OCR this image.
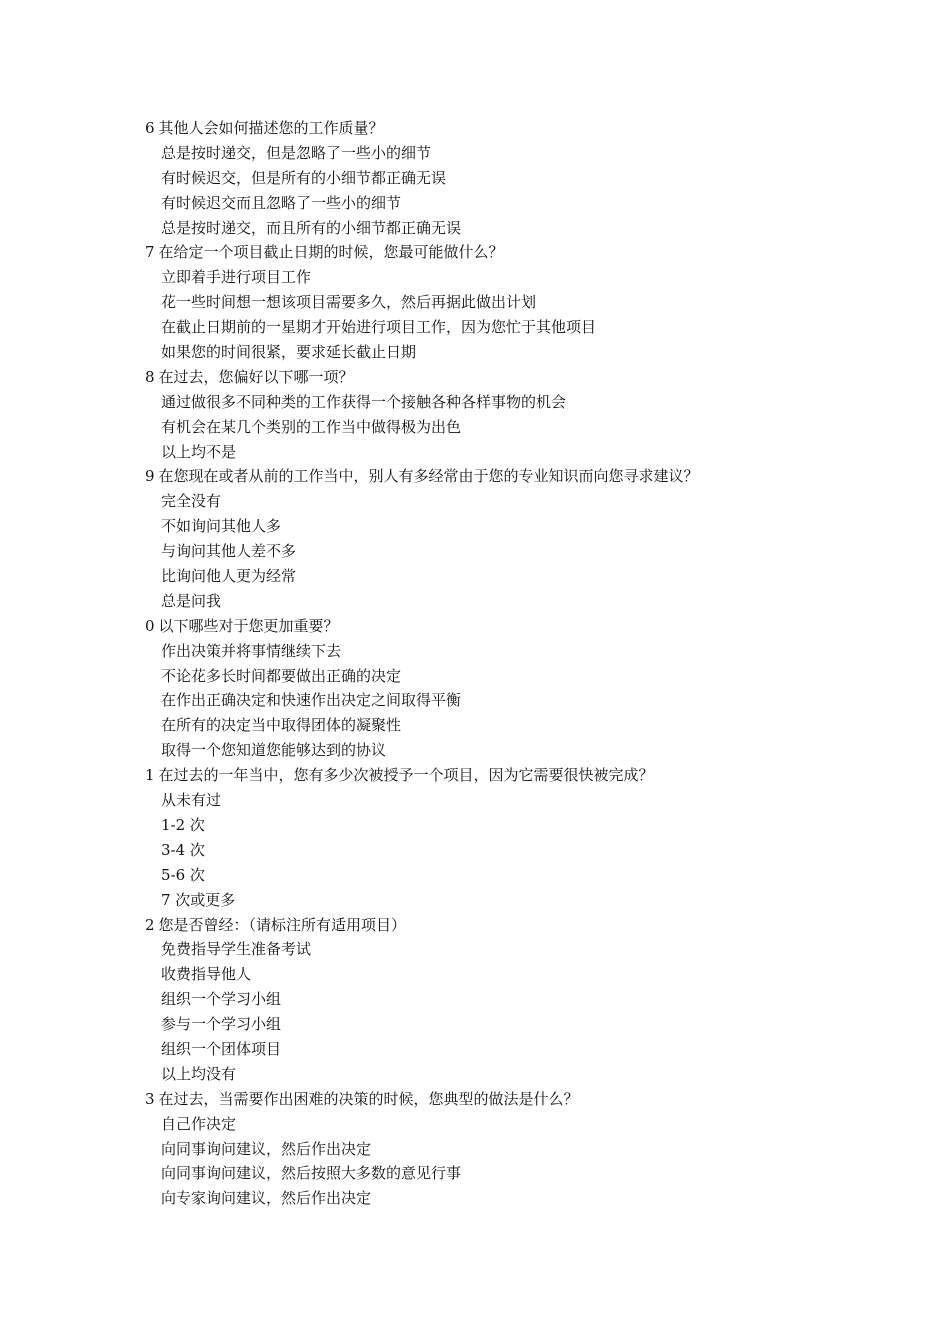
6 其他人会如何描述您的工作质量？
总是按时递交，但是忽略了一些小的细节
有时候迟交，但是所有的小细节都正确无误
有时候迟交而且忽略了一些小的细节
总是按时递交，而且所有的小细节都正确无误
7 在给定一个项目截止日期的时候，您最可能做什么？
立即着手进行项目工作
花一些时间想一想该项目需要多久，然后再据此做出计划
在截止日期前的一星期才开始进行项目工作，因为您忙于其他项目
如果您的时间很紧，要求延长截止日期
8 在过去，您偏好以下哪一项？
通过做很多不同种类的工作获得一个接触各种各样事物的机会
有机会在某几个类别的工作当中做得极为出色
以上均不是
9 在您现在或者从前的工作当中，别人有多经常由于您的专业知识而向您寻求建议？
完全没有
不如询问其他人多
与询问其他人差不多
比询问他人更为经常
总是问我
0 以下哪些对于您更加重要？
作出决策并将事情继续下去
不论花多长时间都要做出正确的决定
在作出正确决定和快速作出决定之间取得平衡
在所有的决定当中取得团体的凝聚性
取得一个您知道您能够达到的协议
1 在过去的一年当中，您有多少次被授予一个项目，因为它需要很快被完成？
从未有过
1-2 次
3-4 次
5-6 次
7 次或更多
2 您是否曾经：（请标注所有适用项目）
免费指导学生准备考试
收费指导他人
组织一个学习小组
参与一个学习小组
组织一个团体项目
以上均没有
3 在过去，当需要作出困难的决策的时候，您典型的做法是什么？
自己作决定
向同事询问建议，然后作出决定
向同事询问建议，然后按照大多数的意见行事
向专家询问建议，然后作出决定
